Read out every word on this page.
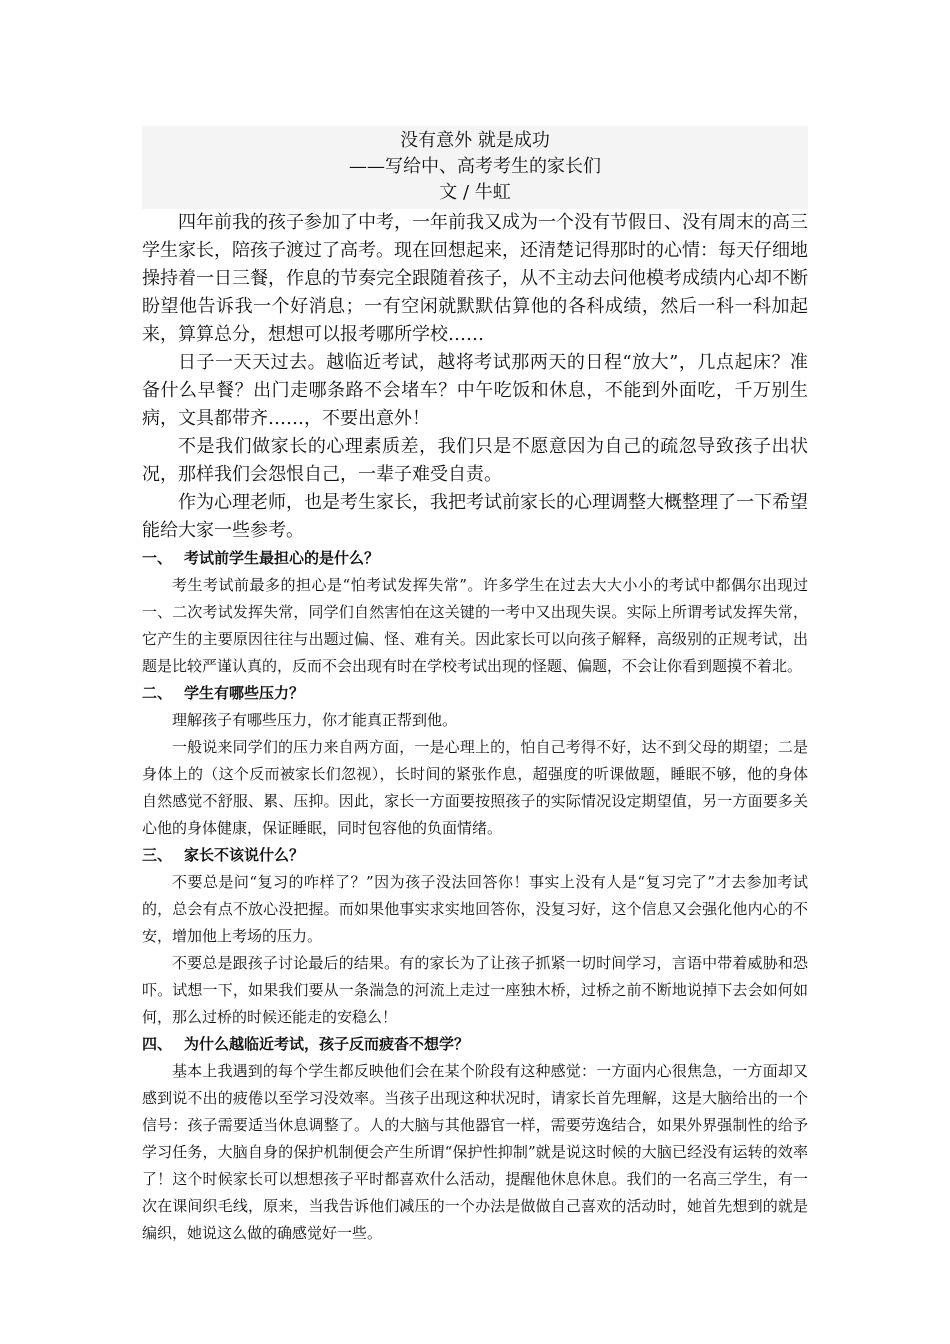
没有意外 就是成功
——写给中、高考考生的家长们
文 / 牛虹

四年前我的孩子参加了中考，一年前我又成为一个没有节假日、没有周末的高三学生家长，陪孩子渡过了高考。现在回想起来，还清楚记得那时的心情：每天仔细地操持着一日三餐，作息的节奏完全跟随着孩子，从不主动去问他模考成绩内心却不断盼望他告诉我一个好消息；一有空闲就默默估算他的各科成绩，然后一科一科加起来，算算总分，想想可以报考哪所学校……

日子一天天过去。越临近考试，越将考试那两天的日程“放大”，几点起床？准备什么早餐？出门走哪条路不会堵车？中午吃饭和休息，不能到外面吃，千万别生病，文具都带齐……，不要出意外！

不是我们做家长的心理素质差，我们只是不愿意因为自己的疏忽导致孩子出状况，那样我们会怨恨自己，一辈子难受自责。

作为心理老师，也是考生家长，我把考试前家长的心理调整大概整理了一下希望能给大家一些参考。

一、 考试前学生最担心的是什么？

考生考试前最多的担心是“怕考试发挥失常”。许多学生在过去大大小小的考试中都偶尔出现过一、二次考试发挥失常，同学们自然害怕在这关键的一考中又出现失误。实际上所谓考试发挥失常，它产生的主要原因往往与出题过偏、怪、难有关。因此家长可以向孩子解释，高级别的正规考试，出题是比较严谨认真的，反而不会出现有时在学校考试出现的怪题、偏题，不会让你看到题摸不着北。

二、 学生有哪些压力？

理解孩子有哪些压力，你才能真正帮到他。

一般说来同学们的压力来自两方面，一是心理上的，怕自己考得不好，达不到父母的期望；二是身体上的（这个反而被家长们忽视），长时间的紧张作息，超强度的听课做题，睡眠不够，他的身体自然感觉不舒服、累、压抑。因此，家长一方面要按照孩子的实际情况设定期望值，另一方面要多关心他的身体健康，保证睡眠，同时包容他的负面情绪。

三、 家长不该说什么？

不要总是问“复习的咋样了？”因为孩子没法回答你！事实上没有人是“复习完了”才去参加考试的，总会有点不放心没把握。而如果他事实求实地回答你，没复习好，这个信息又会强化他内心的不安，增加他上考场的压力。

不要总是跟孩子讨论最后的结果。有的家长为了让孩子抓紧一切时间学习，言语中带着威胁和恐吓。试想一下，如果我们要从一条湍急的河流上走过一座独木桥，过桥之前不断地说掉下去会如何如何，那么过桥的时候还能走的安稳么！

四、 为什么越临近考试，孩子反而疲沓不想学？

基本上我遇到的每个学生都反映他们会在某个阶段有这种感觉：一方面内心很焦急，一方面却又感到说不出的疲倦以至学习没效率。当孩子出现这种状况时，请家长首先理解，这是大脑给出的一个信号：孩子需要适当休息调整了。人的大脑与其他器官一样，需要劳逸结合，如果外界强制性的给予学习任务，大脑自身的保护机制便会产生所谓“保护性抑制”就是说这时候的大脑已经没有运转的效率了！这个时候家长可以想想孩子平时都喜欢什么活动，提醒他休息休息。我们的一名高三学生，有一次在课间织毛线，原来，当我告诉他们减压的一个办法是做做自己喜欢的活动时，她首先想到的就是编织，她说这么做的确感觉好一些。
